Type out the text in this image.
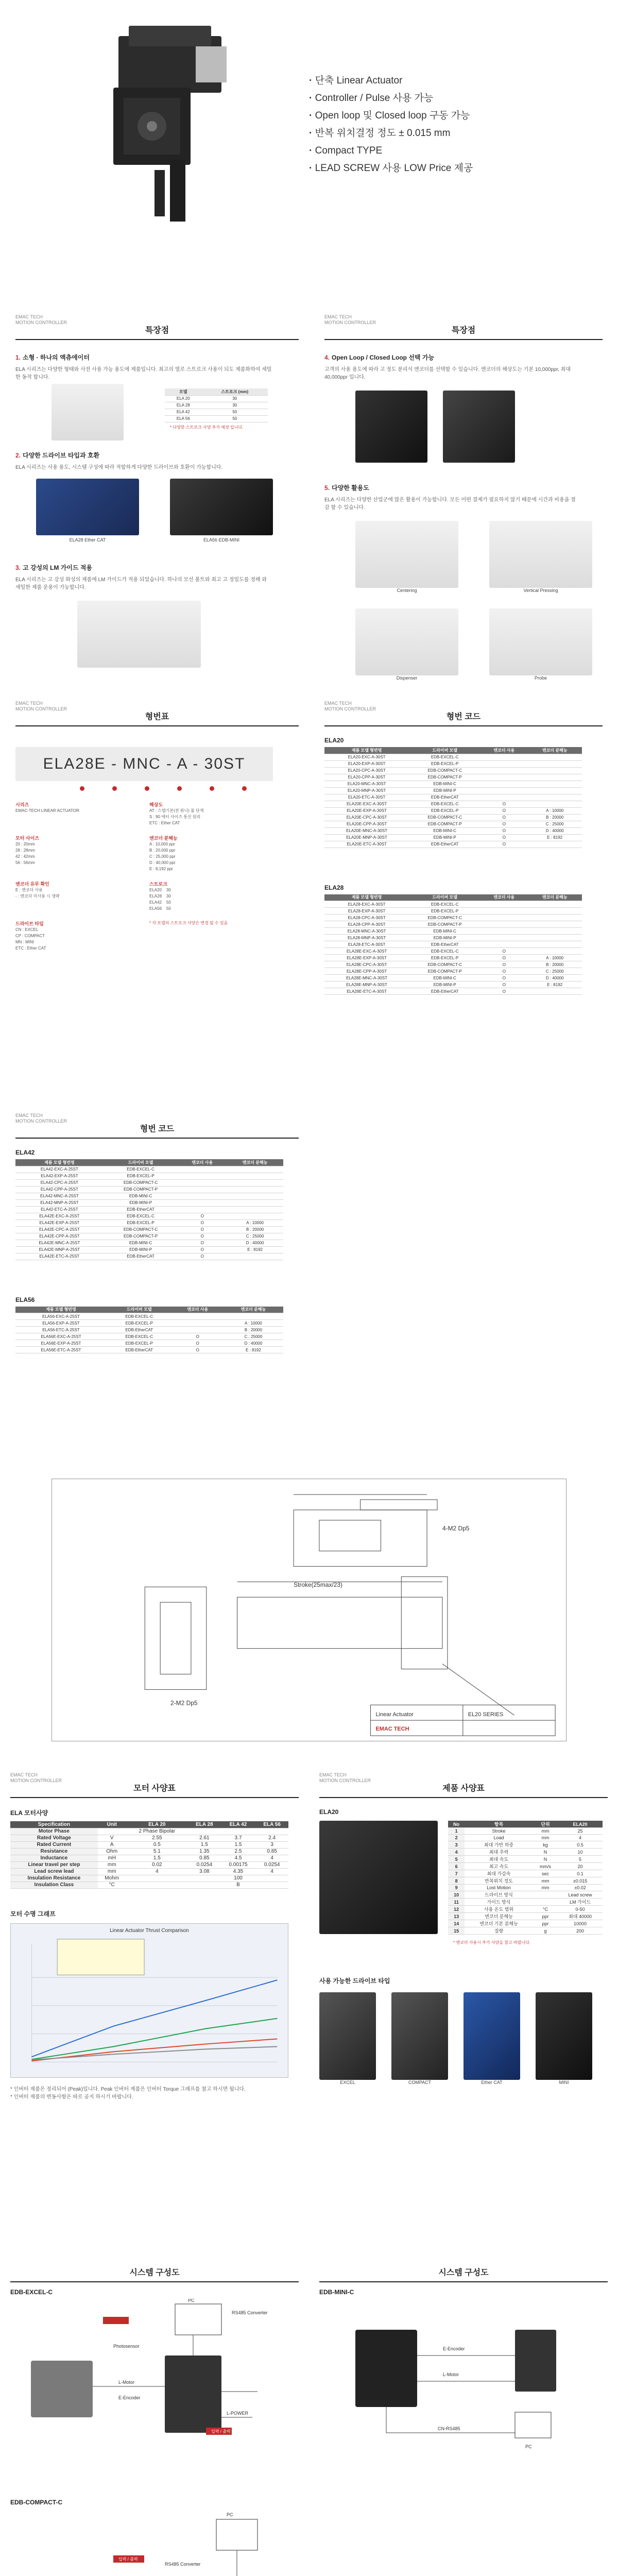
· 단축 Linear Actuator
· Controller / Pulse 사용 가능
· Open loop 및 Closed loop 구동 가능
· 반복 위치결정 정도 ± 0.015 mm
· Compact TYPE
· LEAD SCREW 사용 LOW Price 제공
EMAC TECH
MOTION CONTROLLER
특장점
1. 소형 · 하나의 액츄에이터
ELA 시리즈는 다양한 형태와 사전 사용 가능 용도에 제품입니다. 최고의 열로 스트로크 사용이 되도 제품화하여 세밀한 동작 합니다.
모델	스트로크 (mm)
ELA 20	30
ELA 28	30
ELA 42	50
ELA 56	50
* 다양한 스트로크 사양 추가 예정 입니다.
2. 다양한 드라이브 타입과 호환
ELA 시리즈는 사용 용도, 시스템 구성에 따라 적합하게 다양한 드라이브와 호환이 가능합니다.
ELA28 Ether CAT	ELA56 EDB-MINI
3. 고 강성의 LM 가이드 적용
ELA 시리즈는 고 강성 화성의 제품에 LM 가이드가 적용 되었습니다. 하나의 모선 볼트와 최고 고 정밀도를 정해 와 세밀한 제품 운용이 가능합니다.
EMAC TECH
MOTION CONTROLLER
특장점
4. Open Loop / Closed Loop 선택 가능
고객의 사용 용도에 따라 고 정도 분리식 엔코더를 선택할 수 있습니다. 엔코더의 해상도는 기본 10,000ppr, 최대 40,000ppr 입니다.
5. 다양한 활용도
ELA 시리즈는 다양한 산업군에 많은 활용이 가능합니다. 모든 어떤 결제가 필요하지 않기 때문에 시간과 비용을 절감 할 수 있습니다.
Centering	Vertical Pressing
Dispenser	Probe
EMAC TECH
MOTION CONTROLLER
형번표
ELA28E - MNC - A - 30ST
시리즈
EMAC-TECH LINEAR ACTUATOR
해상도
AT : 스텝기본(전 워니) 풀 단계
S : 90 에터 사이즈 통신 원리
ETC : Ether CAT
모터 사이즈
20 : 20mm
28 : 28mm
42 : 42mm
56 : 56mm
엔코더 분해능
A : 10,000 ppr
B : 20,000 ppr
C : 25,000 ppr
D : 40,000 ppr
E : 8,192 ppr
엔코더 유무 확인
E : 엔코더 사용
- : 엔코더 미사용 시 생략
스트로크
ELA20    30
ELA28    30
ELA42    50
ELA56    50
드라이브 타입
CN : EXCEL
CP : COMPACT
MN : MINI
ETC : Ether CAT
* 각 모델의 스트로크 사양은 변경 될 수 있음
EMAC TECH
MOTION CONTROLLER
형번 코드
ELA20
제품 모델 형번명	드라이버 모델	엔코더 사용	엔코더 분해능
ELA20-EXC-A-30ST	EDB-EXCEL-C		
ELA20-EXP-A-30ST	EDB-EXCEL-P		
ELA20-CPC-A-30ST	EDB-COMPACT-C		
ELA20-CPP-A-30ST	EDB-COMPACT-P		
ELA20-MNC-A-30ST	EDB-MINI-C		
ELA20-MNP-A-30ST	EDB-MINI-P		
ELA20-ETC-A-30ST	EDB-EtherCAT		
ELA20E-EXC-A-30ST	EDB-EXCEL-C	O	
ELA20E-EXP-A-30ST	EDB-EXCEL-P	O	A : 10000
ELA20E-CPC-A-30ST	EDB-COMPACT-C	O	B : 20000
ELA20E-CPP-A-30ST	EDB-COMPACT-P	O	C : 25000
ELA20E-MNC-A-30ST	EDB-MINI-C	O	D : 40000
ELA20E-MNP-A-30ST	EDB-MINI-P	O	E : 8192
ELA20E-ETC-A-30ST	EDB-EtherCAT	O	
ELA28
제품 모델 형번명	드라이버 모델	엔코더 사용	엔코더 분해능
ELA28-EXC-A-30ST	EDB-EXCEL-C		
ELA28-EXP-A-30ST	EDB-EXCEL-P		
ELA28-CPC-A-30ST	EDB-COMPACT-C		
ELA28-CPP-A-30ST	EDB-COMPACT-P		
ELA28-MNC-A-30ST	EDB-MINI-C		
ELA28-MNP-A-30ST	EDB-MINI-P		
ELA28-ETC-A-30ST	EDB-EtherCAT		
ELA28E-EXC-A-30ST	EDB-EXCEL-C	O	
ELA28E-EXP-A-30ST	EDB-EXCEL-P	O	A : 10000
ELA28E-CPC-A-30ST	EDB-COMPACT-C	O	B : 20000
ELA28E-CPP-A-30ST	EDB-COMPACT-P	O	C : 25000
ELA28E-MNC-A-30ST	EDB-MINI-C	O	D : 40000
ELA28E-MNP-A-30ST	EDB-MINI-P	O	E : 8192
ELA28E-ETC-A-30ST	EDB-EtherCAT	O	
EMAC TECH
MOTION CONTROLLER
형번 코드
ELA42
제품 모델 형번명	드라이버 모델	엔코더 사용	엔코더 분해능
ELA42-EXC-A-25ST	EDB-EXCEL-C		
ELA42-EXP-A-25ST	EDB-EXCEL-P		
ELA42-CPC-A-25ST	EDB-COMPACT-C		
ELA42-CPP-A-25ST	EDB-COMPACT-P		
ELA42-MNC-A-25ST	EDB-MINI-C		
ELA42-MNP-A-25ST	EDB-MINI-P		
ELA42-ETC-A-25ST	EDB-EtherCAT		
ELA42E-EXC-A-25ST	EDB-EXCEL-C	O	
ELA42E-EXP-A-25ST	EDB-EXCEL-P	O	A : 10000
ELA42E-CPC-A-25ST	EDB-COMPACT-C	O	B : 20000
ELA42E-CPP-A-25ST	EDB-COMPACT-P	O	C : 25000
ELA42E-MNC-A-25ST	EDB-MINI-C	O	D : 40000
ELA42E-MNP-A-25ST	EDB-MINI-P	O	E : 8192
ELA42E-ETC-A-25ST	EDB-EtherCAT	O	
ELA56
제품 모델 형번명	드라이버 모델	엔코더 사용	엔코더 분해능
ELA56-EXC-A-25ST	EDB-EXCEL-C		
ELA56-EXP-A-25ST	EDB-EXCEL-P		A : 10000
ELA56-ETC-A-25ST	EDB-EtherCAT		B : 20000
ELA56E-EXC-A-25ST	EDB-EXCEL-C	O	C : 25000
ELA56E-EXP-A-25ST	EDB-EXCEL-P	O	D : 40000
ELA56E-ETC-A-25ST	EDB-EtherCAT	O	E : 8192
Stroke(25max/23)
4-M2 Dp5
2-M2 Dp5
Linear Actuator	EL20 SERIES
EMAC TECH
EMAC TECH
MOTION CONTROLLER
모터 사양표
ELA 모터사양
Specification	Unit	ELA 20	ELA 28	ELA 42	ELA 56
Motor Phase		2 Phase Bipolar			
Rated Voltage	V	2.55	2.61	3.7	2.4
Rated Current	A	0.5	1.5	1.5	3
Resistance	Ohm	5.1	1.35	2.5	0.85
Inductance	mH	1.5	0.85	4.5	4
Linear travel per step	mm	0.02	0.0254	0.00175	0.0254
Lead screw lead	mm	4	3.08	4.35	4
Insulation Resistance	Mohm			100	
Insulation Class	°C			B	
모터 수명 그래프
Linear Actuator Thrust Comparison
* 인버터 제품은 정리되어 (Peak)입니다. Peak 인버터 제품은 인버터 Torque 그래프를 참고 하시면 됩니다.
* 인버터 제품의 변동사항은 따로 공지 하시기 바랍니다.
EMAC TECH
MOTION CONTROLLER
제품 사양표
ELA20
No	항목	단위	ELA20
1	Stroke	mm	25
2	Load	mm	4
3	최대 가반 하중	kg	0.5
4	최대 추력	N	10
5	최대 속도	N	5
6	최고 속도	mm/s	20
7	최대 가감속	sec	0.1
8	반복위치 정도	mm	±0.015
9	Lost Motion	mm	±0.02
10	드라이브 방식		Lead screw
11	가이드 방식		LM 가이드
12	사용 온도 범위	°C	0-50
13	엔코더 분해능	ppr	최대 40000
14	엔코더 기본 분해능	ppr	10000
15	질량	g	200
* 엔코더 사용시 추가 사양을 참고 바랍니다.
사용 가능한 드라이브 타입
EXCEL	COMPACT	Ether CAT	MINI
시스템 구성도
EDB-EXCEL-C
PC
RS485 Converter
Photosensor
L-Motor
E-Encoder
L-POWER
입력 / 출력
시스템 구성도
EDB-MINI-C
E-Encoder
L-Motor
CN-RS485
PC
EDB-COMPACT-C
PC
RS485 Converter
입력 / 출력
